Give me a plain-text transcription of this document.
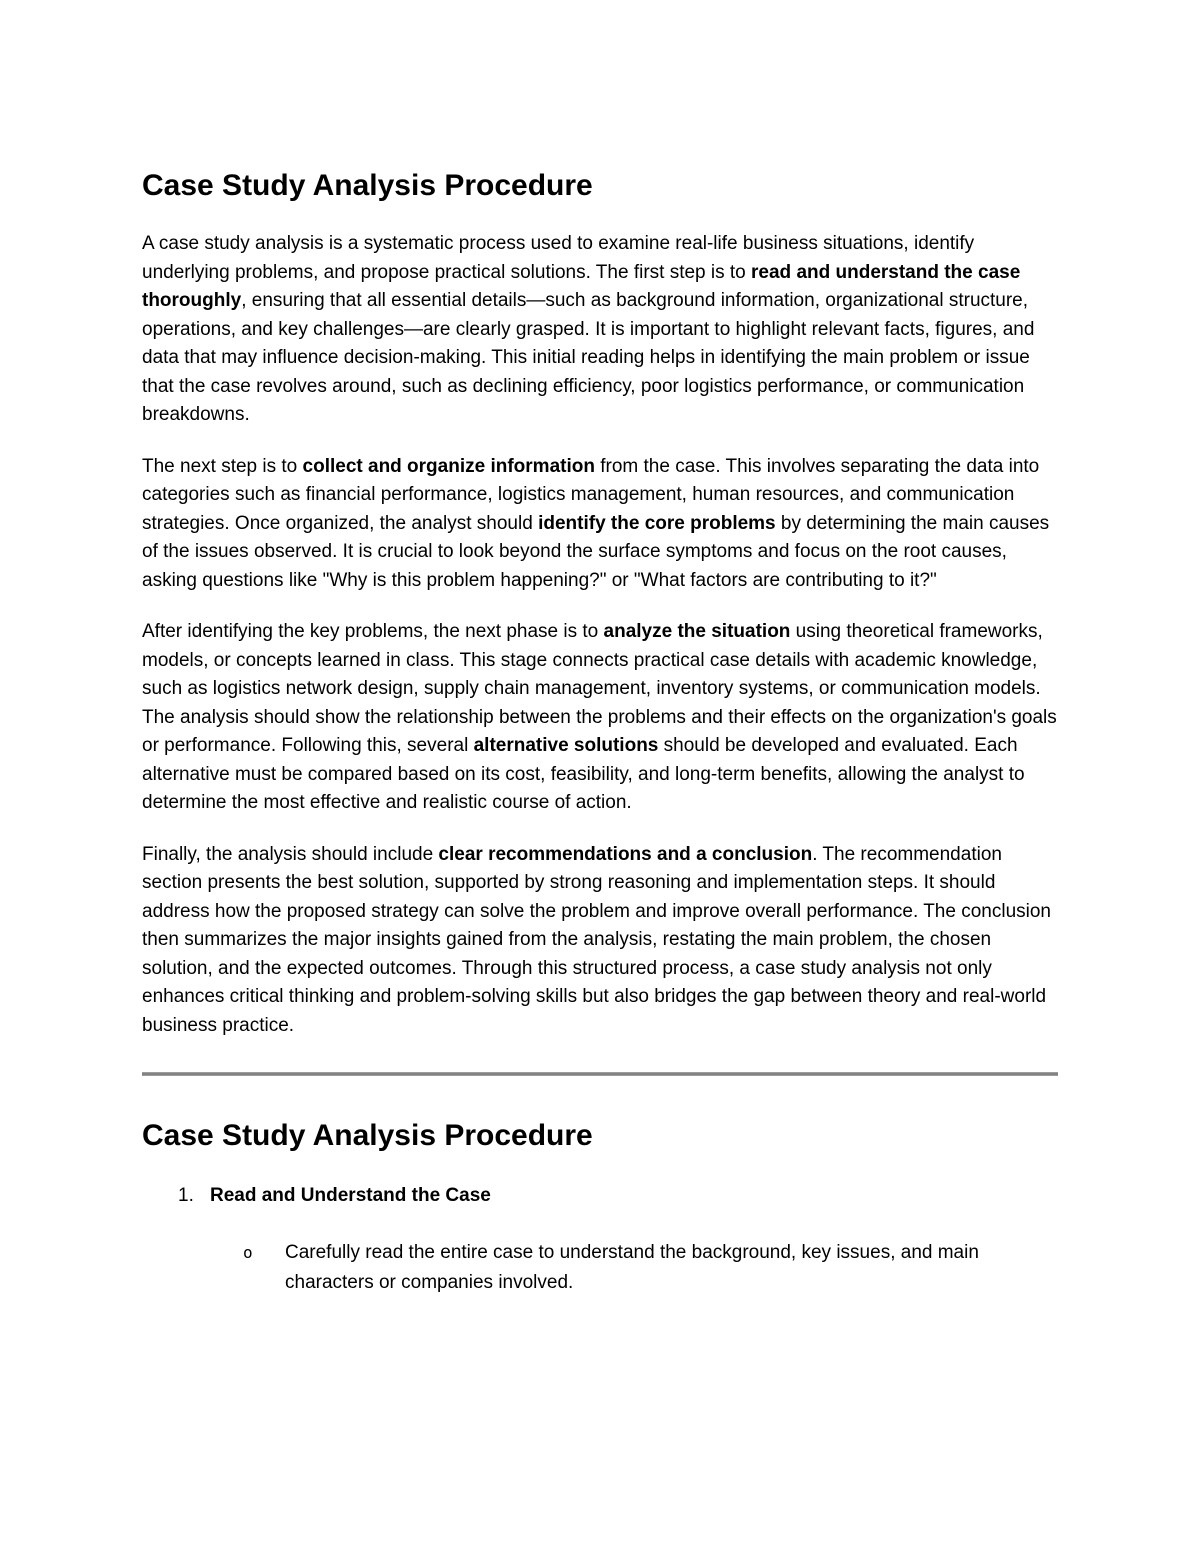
Case Study Analysis Procedure

A case study analysis is a systematic process used to examine real-life business situations, identify underlying problems, and propose practical solutions. The first step is to read and understand the case thoroughly, ensuring that all essential details—such as background information, organizational structure, operations, and key challenges—are clearly grasped. It is important to highlight relevant facts, figures, and data that may influence decision-making. This initial reading helps in identifying the main problem or issue that the case revolves around, such as declining efficiency, poor logistics performance, or communication breakdowns.

The next step is to collect and organize information from the case. This involves separating the data into categories such as financial performance, logistics management, human resources, and communication strategies. Once organized, the analyst should identify the core problems by determining the main causes of the issues observed. It is crucial to look beyond the surface symptoms and focus on the root causes, asking questions like "Why is this problem happening?" or "What factors are contributing to it?"

After identifying the key problems, the next phase is to analyze the situation using theoretical frameworks, models, or concepts learned in class. This stage connects practical case details with academic knowledge, such as logistics network design, supply chain management, inventory systems, or communication models. The analysis should show the relationship between the problems and their effects on the organization's goals or performance. Following this, several alternative solutions should be developed and evaluated. Each alternative must be compared based on its cost, feasibility, and long-term benefits, allowing the analyst to determine the most effective and realistic course of action.

Finally, the analysis should include clear recommendations and a conclusion. The recommendation section presents the best solution, supported by strong reasoning and implementation steps. It should address how the proposed strategy can solve the problem and improve overall performance. The conclusion then summarizes the major insights gained from the analysis, restating the main problem, the chosen solution, and the expected outcomes. Through this structured process, a case study analysis not only enhances critical thinking and problem-solving skills but also bridges the gap between theory and real-world business practice.

Case Study Analysis Procedure
1. Read and Understand the Case
o	Carefully read the entire case to understand the background, key issues, and main characters or companies involved.
